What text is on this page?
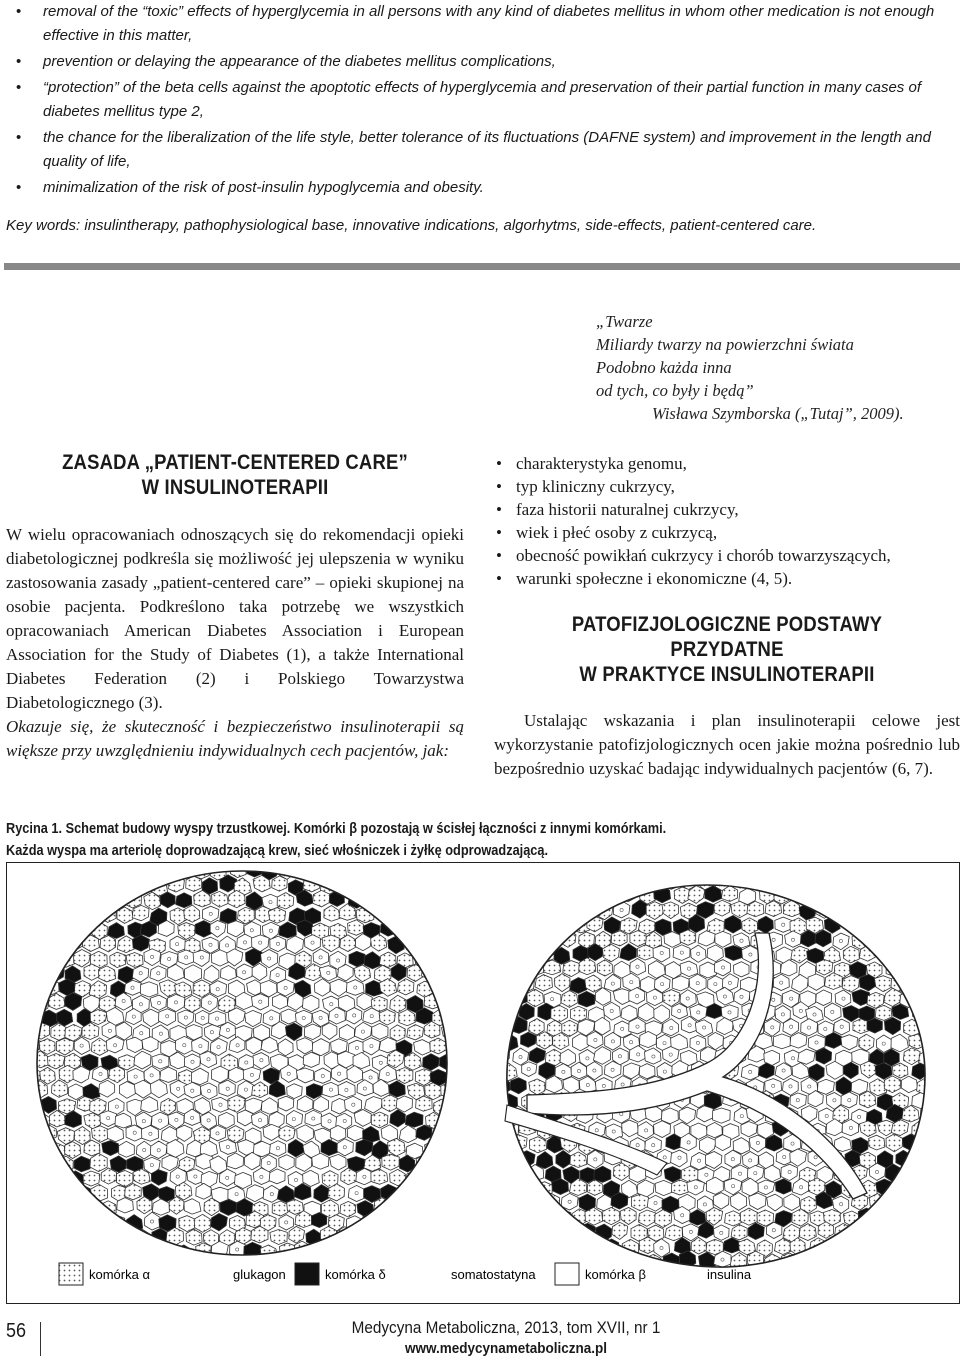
• removal of the “toxic” effects of hyperglycemia in all persons with any kind of diabetes mellitus in whom other medication is not enough effective in this matter,
• prevention or delaying the appearance of the diabetes mellitus complications,
• “protection” of the beta cells against the apoptotic effects of hyperglycemia and preservation of their partial function in many cases of diabetes mellitus type 2,
• the chance for the liberalization of the life style, better tolerance of its fluctuations (DAFNE system) and improvement in the length and quality of life,
• minimalization of the risk of post-insulin hypoglycemia and obesity.

Key words: insulintherapy, pathophysiological base, innovative indications, algorhytms, side-effects, patient-centered care.

„Twarze
Miliardy twarzy na powierzchni świata
Podobno każda inna
od tych, co były i będą”
Wisława Szymborska („Tutaj”, 2009).
ZASADA „PATIENT-CENTERED CARE”
W INSULINOTERAPII

W wielu opracowaniach odnoszących się do rekomendacji opieki diabetologicznej podkreśla się możliwość jej ulepszenia w wyniku zastosowania zasady „patient-centered care” – opieki skupionej na osobie pacjenta. Podkreślono taka potrzebę we wszystkich opracowaniach American Diabetes Association i European Association for the Study of Diabetes (1), a także International Diabetes Federation (2) i Polskiego Towarzystwa Diabetologicznego (3).

Okazuje się, że skuteczność i bezpieczeństwo insulinoterapii są większe przy uwzględnieniu indywidualnych cech pacjentów, jak:

• charakterystyka genomu,
• typ kliniczny cukrzycy,
• faza historii naturalnej cukrzycy,
• wiek i płeć osoby z cukrzycą,
• obecność powikłań cukrzycy i chorób towarzyszących,
• warunki społeczne i ekonomiczne (4, 5).
PATOFIZJOLOGICZNE PODSTAWY PRZYDATNE
W PRAKTYCE INSULINOTERAPII

Ustalając wskazania i plan insulinoterapii celowe jest wykorzystanie patofizjologicznych ocen jakie można pośrednio lub bezpośrednio uzyskać badając indywidualnych pacjentów (6, 7).

Rycina 1. Schemat budowy wyspy trzustkowej. Komórki β pozostają w ścisłej łączności z innymi komórkami.
Każda wyspa ma arteriolę doprowadzającą krew, sieć włośniczek i żyłkę odprowadzającą.
komórka α	glukagon	komórka δ	somatostatyna	komórka β	insulina
56	Medycyna Metaboliczna, 2013, tom XVII, nr 1
www.medycynametaboliczna.pl
